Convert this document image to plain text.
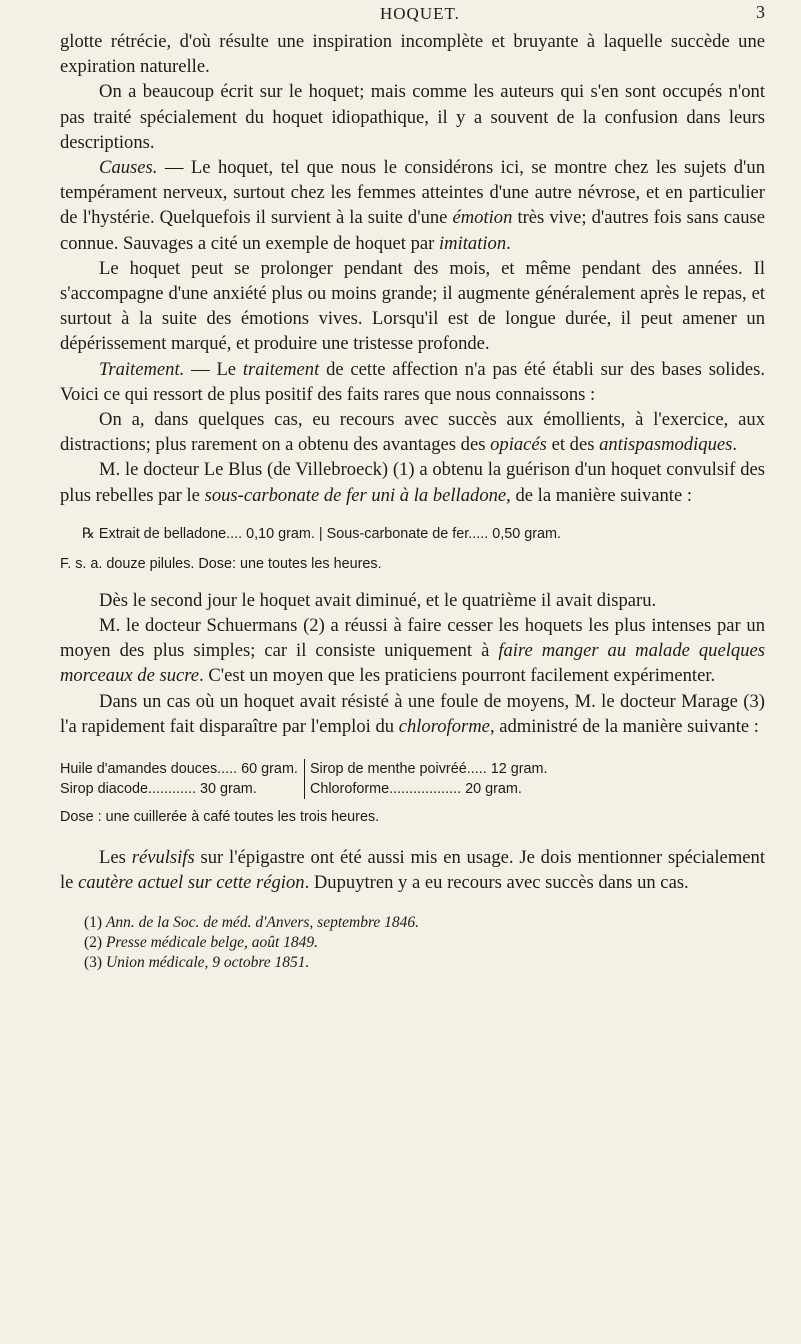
HOQUET.	3

glotte rétrécie, d'où résulte une inspiration incomplète et bruyante à laquelle succède une expiration naturelle.

On a beaucoup écrit sur le hoquet; mais comme les auteurs qui s'en sont occupés n'ont pas traité spécialement du hoquet idiopathique, il y a souvent de la confusion dans leurs descriptions.

Causes. — Le hoquet, tel que nous le considérons ici, se montre chez les sujets d'un tempérament nerveux, surtout chez les femmes atteintes d'une autre névrose, et en particulier de l'hystérie. Quelquefois il survient à la suite d'une émotion très vive; d'autres fois sans cause connue. Sauvages a cité un exemple de hoquet par imitation.

Le hoquet peut se prolonger pendant des mois, et même pendant des années. Il s'accompagne d'une anxiété plus ou moins grande; il augmente généralement après le repas, et surtout à la suite des émotions vives. Lorsqu'il est de longue durée, il peut amener un dépérissement marqué, et produire une tristesse profonde.

Traitement. — Le traitement de cette affection n'a pas été établi sur des bases solides. Voici ce qui ressort de plus positif des faits rares que nous connaissons :

On a, dans quelques cas, eu recours avec succès aux émollients, à l'exercice, aux distractions; plus rarement on a obtenu des avantages des opiacés et des antispasmodiques.

M. le docteur Le Blus (de Villebroeck) (1) a obtenu la guérison d'un hoquet convulsif des plus rebelles par le sous-carbonate de fer uni à la belladone, de la manière suivante :

℞ Extrait de belladone.... 0,10 gram. | Sous-carbonate de fer..... 0,50 gram.
F. s. a. douze pilules. Dose: une toutes les heures.

Dès le second jour le hoquet avait diminué, et le quatrième il avait disparu.

M. le docteur Schuermans (2) a réussi à faire cesser les hoquets les plus intenses par un moyen des plus simples; car il consiste uniquement à faire manger au malade quelques morceaux de sucre. C'est un moyen que les praticiens pourront facilement expérimenter.

Dans un cas où un hoquet avait résisté à une foule de moyens, M. le docteur Marage (3) l'a rapidement fait disparaître par l'emploi du chloroforme, administré de la manière suivante :

Huile d'amandes douces..... 60 gram.
Sirop diacode............ 30 gram.
Sirop de menthe poivréé..... 12 gram.
Chloroforme.................. 20 gram.
Dose : une cuillerée à café toutes les trois heures.

Les révulsifs sur l'épigastre ont été aussi mis en usage. Je dois mentionner spécialement le cautère actuel sur cette région. Dupuytren y a eu recours avec succès dans un cas.

(1) Ann. de la Soc. de méd. d'Anvers, septembre 1846.
(2) Presse médicale belge, août 1849.
(3) Union médicale, 9 octobre 1851.
